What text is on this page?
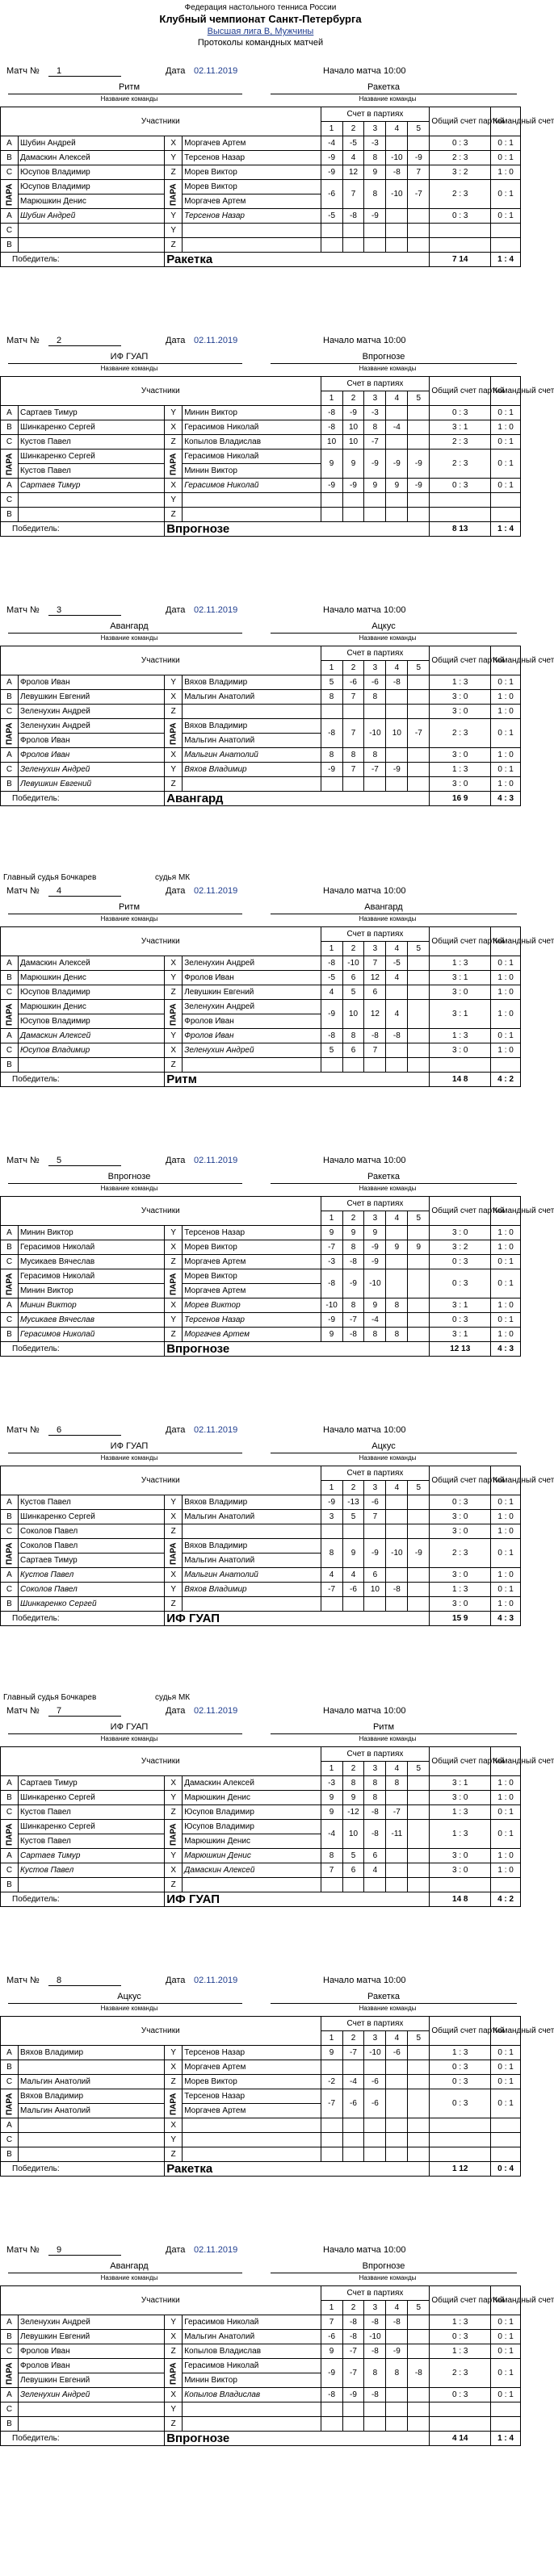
Федерация настольного тенниса России
Клубный чемпионат Санкт-Петербурга
Высшая лига В, Мужчины
Протоколы командных матчей
Матч № 1	Дата 02.11.2019	Начало матча 10:00
Ритм	Ракетка
Название команды	Название команды
Участники				Счет в партиях					Общий счет партий	Командный счет
				1	2	3	4	5		
A	Шубин Андрей	X	Моргачев Артем	-4	-5	-3			0 : 3	0 : 1
B	Дамаскин Алексей	Y	Терсенов Назар	-9	4	8	-10	-9	2 : 3	0 : 1
C	Юсупов Владимир	Z	Морев Виктор	-9	12	9	-8	7	3 : 2	1 : 0
ПАРА	Юсупов Владимир	ПАРА	Морев Виктор	-6	7	8	-10	-7	2 : 3	0 : 1
	Марюшкин Денис		Моргачев Артем							
A	Шубин Андрей	Y	Терсенов Назар	-5	-8	-9			0 : 3	0 : 1
C		Y								
B		Z								
Победитель:		Ракетка							7 14	1 : 4
Матч № 2	Дата 02.11.2019	Начало матча 10:00
ИФ ГУАП	Впрогнозе
Название команды	Название команды
Участники				Счет в партиях					Общий счет партий	Командный счет
				1	2	3	4	5		
A	Сартаев Тимур	Y	Минин Виктор	-8	-9	-3			0 : 3	0 : 1
B	Шинкаренко Сергей	X	Герасимов Николай	-8	10	8	-4		3 : 1	1 : 0
C	Кустов Павел	Z	Копылов Владислав	10	10	-7			2 : 3	0 : 1
ПАРА	Шинкаренко Сергей	ПАРА	Герасимов Николай	9	9	-9	-9	-9	2 : 3	0 : 1
	Кустов Павел		Минин Виктор							
A	Сартаев Тимур	X	Герасимов Николай	-9	-9	9	9	-9	0 : 3	0 : 1
C		Y								
B		Z								
Победитель:		Впрогнозе							8 13	1 : 4
Матч № 3	Дата 02.11.2019	Начало матча 10:00
Авангард	Ацкус
Название команды	Название команды
Участники				Счет в партиях					Общий счет партий	Командный счет
				1	2	3	4	5		
A	Фролов Иван	Y	Вяхов Владимир	5	-6	-6	-8		1 : 3	0 : 1
B	Левушкин Евгений	X	Мальгин Анатолий	8	7	8			3 : 0	1 : 0
C	Зеленухин Андрей	Z							3 : 0	1 : 0
ПАРА	Зеленухин Андрей	ПАРА	Вяхов Владимир	-8	7	-10	10	-7	2 : 3	0 : 1
	Фролов Иван		Мальгин Анатолий							
A	Фролов Иван	X	Мальгин Анатолий	8	8	8			3 : 0	1 : 0
C	Зеленухин Андрей	Y	Вяхов Владимир	-9	7	-7	-9		1 : 3	0 : 1
B	Левушкин Евгений	Z							3 : 0	1 : 0
Победитель:		Авангард							16 9	4 : 3
Главный судья Бочкарев	судья МК
Матч № 4	Дата 02.11.2019	Начало матча 10:00
Ритм	Авангард
Название команды	Название команды
Участники				Счет в партиях					Общий счет партий	Командный счет
				1	2	3	4	5		
A	Дамаскин Алексей	X	Зеленухин Андрей	-8	-10	7	-5		1 : 3	0 : 1
B	Марюшкин Денис	Y	Фролов Иван	-5	6	12	4		3 : 1	1 : 0
C	Юсупов Владимир	Z	Левушкин Евгений	4	5	6			3 : 0	1 : 0
ПАРА	Марюшкин Денис	ПАРА	Зеленухин Андрей	-9	10	12	4		3 : 1	1 : 0
	Юсупов Владимир		Фролов Иван							
A	Дамаскин Алексей	Y	Фролов Иван	-8	8	-8	-8		1 : 3	0 : 1
C	Юсупов Владимир	X	Зеленухин Андрей	5	6	7			3 : 0	1 : 0
B		Z								
Победитель:		Ритм							14 8	4 : 2
Матч № 5	Дата 02.11.2019	Начало матча 10:00
Впрогнозе	Ракетка
Название команды	Название команды
Участники				Счет в партиях					Общий счет партий	Командный счет
				1	2	3	4	5		
A	Минин Виктор	Y	Терсенов Назар	9	9	9			3 : 0	1 : 0
B	Герасимов Николай	X	Морев Виктор	-7	8	-9	9	9	3 : 2	1 : 0
C	Мусикаев Вячеслав	Z	Моргачев Артем	-3	-8	-9			0 : 3	0 : 1
ПАРА	Герасимов Николай	ПАРА	Морев Виктор	-8	-9	-10			0 : 3	0 : 1
	Минин Виктор		Моргачев Артем							
A	Минин Виктор	X	Морев Виктор	-10	8	9	8		3 : 1	1 : 0
C	Мусикаев Вячеслав	Y	Терсенов Назар	-9	-7	-4			0 : 3	0 : 1
B	Герасимов Николай	Z	Моргачев Артем	9	-8	8	8		3 : 1	1 : 0
Победитель:		Впрогнозе							12 13	4 : 3
Матч № 6	Дата 02.11.2019	Начало матча 10:00
ИФ ГУАП	Ацкус
Название команды	Название команды
Участники				Счет в партиях					Общий счет партий	Командный счет
				1	2	3	4	5		
A	Кустов Павел	Y	Вяхов Владимир	-9	-13	-6			0 : 3	0 : 1
B	Шинкаренко Сергей	X	Мальгин Анатолий	3	5	7			3 : 0	1 : 0
C	Соколов Павел	Z							3 : 0	1 : 0
ПАРА	Соколов Павел	ПАРА	Вяхов Владимир	8	9	-9	-10	-9	2 : 3	0 : 1
	Сартаев Тимур		Мальгин Анатолий							
A	Кустов Павел	X	Мальгин Анатолий	4	4	6			3 : 0	1 : 0
C	Соколов Павел	Y	Вяхов Владимир	-7	-6	10	-8		1 : 3	0 : 1
B	Шинкаренко Сергей	Z							3 : 0	1 : 0
Победитель:		ИФ ГУАП							15 9	4 : 3
Главный судья Бочкарев	судья МК
Матч № 7	Дата 02.11.2019	Начало матча 10:00
ИФ ГУАП	Ритм
Название команды	Название команды
Участники				Счет в партиях					Общий счет партий	Командный счет
				1	2	3	4	5		
A	Сартаев Тимур	X	Дамаскин Алексей	-3	8	8	8		3 : 1	1 : 0
B	Шинкаренко Сергей	Y	Марюшкин Денис	9	9	8			3 : 0	1 : 0
C	Кустов Павел	Z	Юсупов Владимир	9	-12	-8	-7		1 : 3	0 : 1
ПАРА	Шинкаренко Сергей	ПАРА	Юсупов Владимир	-4	10	-8	-11		1 : 3	0 : 1
	Кустов Павел		Марюшкин Денис							
A	Сартаев Тимур	Y	Марюшкин Денис	8	5	6			3 : 0	1 : 0
C	Кустов Павел	X	Дамаскин Алексей	7	6	4			3 : 0	1 : 0
B		Z								
Победитель:		ИФ ГУАП							14 8	4 : 2
Матч № 8	Дата 02.11.2019	Начало матча 10:00
Ацкус	Ракетка
Название команды	Название команды
Участники				Счет в партиях					Общий счет партий	Командный счет
				1	2	3	4	5		
A	Вяхов Владимир	Y	Терсенов Назар	9	-7	-10	-6		1 : 3	0 : 1
B		X	Моргачев Артем						0 : 3	0 : 1
C	Мальгин Анатолий	Z	Морев Виктор	-2	-4	-6			0 : 3	0 : 1
ПАРА	Вяхов Владимир	ПАРА	Терсенов Назар	-7	-6	-6			0 : 3	0 : 1
	Мальгин Анатолий		Моргачев Артем							
A		X								
C		Y								
B		Z								
Победитель:		Ракетка							1 12	0 : 4
Матч № 9	Дата 02.11.2019	Начало матча 10:00
Авангард	Впрогнозе
Название команды	Название команды
Участники				Счет в партиях					Общий счет партий	Командный счет
				1	2	3	4	5		
A	Зеленухин Андрей	Y	Герасимов Николай	7	-8	-8	-8		1 : 3	0 : 1
B	Левушкин Евгений	X	Мальгин Анатолий	-6	-8	-10			0 : 3	0 : 1
C	Фролов Иван	Z	Копылов Владислав	9	-7	-8	-9		1 : 3	0 : 1
ПАРА	Фролов Иван	ПАРА	Герасимов Николай	-9	-7	8	8	-8	2 : 3	0 : 1
	Левушкин Евгений		Минин Виктор							
A	Зеленухин Андрей	X	Копылов Владислав	-8	-9	-8			0 : 3	0 : 1
C		Y								
B		Z								
Победитель:		Впрогнозе							4 14	1 : 4
